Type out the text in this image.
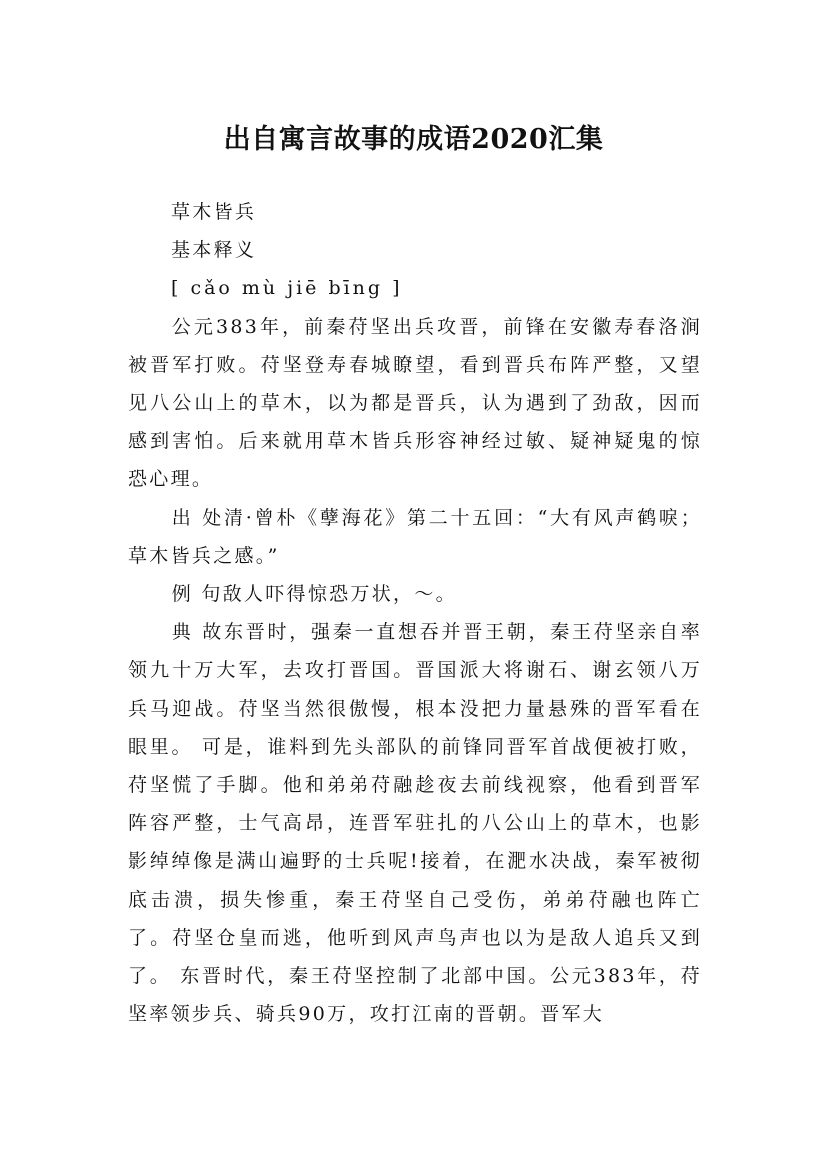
出自寓言故事的成语2020汇集

草木皆兵

基本释义

[ cǎo mù jiē bīng ]

公元383年，前秦苻坚出兵攻晋，前锋在安徽寿春洛涧被晋军打败。苻坚登寿春城瞭望，看到晋兵布阵严整，又望见八公山上的草木，以为都是晋兵，认为遇到了劲敌，因而感到害怕。后来就用草木皆兵形容神经过敏、疑神疑鬼的惊恐心理。

出 处清·曾朴《孽海花》第二十五回：“大有风声鹤唳；草木皆兵之感。”

例 句敌人吓得惊恐万状，～。

典 故东晋时，强秦一直想吞并晋王朝，秦王苻坚亲自率领九十万大军，去攻打晋国。晋国派大将谢石、谢玄领八万兵马迎战。苻坚当然很傲慢，根本没把力量悬殊的晋军看在眼里。 可是，谁料到先头部队的前锋同晋军首战便被打败，苻坚慌了手脚。他和弟弟苻融趁夜去前线视察，他看到晋军阵容严整，士气高昂，连晋军驻扎的八公山上的草木，也影影绰绰像是满山遍野的士兵呢!接着，在淝水决战，秦军被彻底击溃，损失惨重，秦王苻坚自己受伤，弟弟苻融也阵亡了。苻坚仓皇而逃，他听到风声鸟声也以为是敌人追兵又到了。 东晋时代，秦王苻坚控制了北部中国。公元383年，苻坚率领步兵、骑兵90万，攻打江南的晋朝。晋军大
